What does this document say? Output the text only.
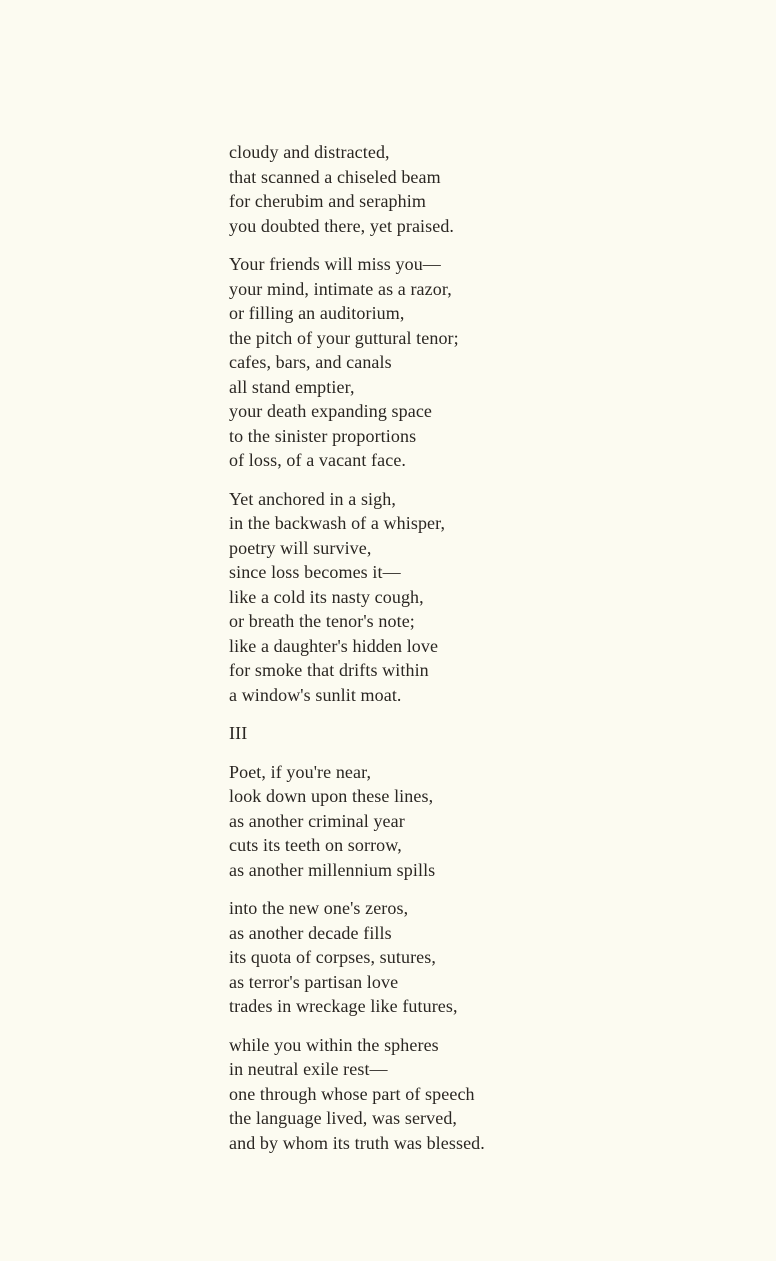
cloudy and distracted,
that scanned a chiseled beam
for cherubim and seraphim
you doubted there, yet praised.
Your friends will miss you—
your mind, intimate as a razor,
or filling an auditorium,
the pitch of your guttural tenor;
cafes, bars, and canals
all stand emptier,
your death expanding space
to the sinister proportions
of loss, of a vacant face.
Yet anchored in a sigh,
in the backwash of a whisper,
poetry will survive,
since loss becomes it—
like a cold its nasty cough,
or breath the tenor's note;
like a daughter's hidden love
for smoke that drifts within
a window's sunlit moat.
III
Poet, if you're near,
look down upon these lines,
as another criminal year
cuts its teeth on sorrow,
as another millennium spills
into the new one's zeros,
as another decade fills
its quota of corpses, sutures,
as terror's partisan love
trades in wreckage like futures,
while you within the spheres
in neutral exile rest—
one through whose part of speech
the language lived, was served,
and by whom its truth was blessed.
